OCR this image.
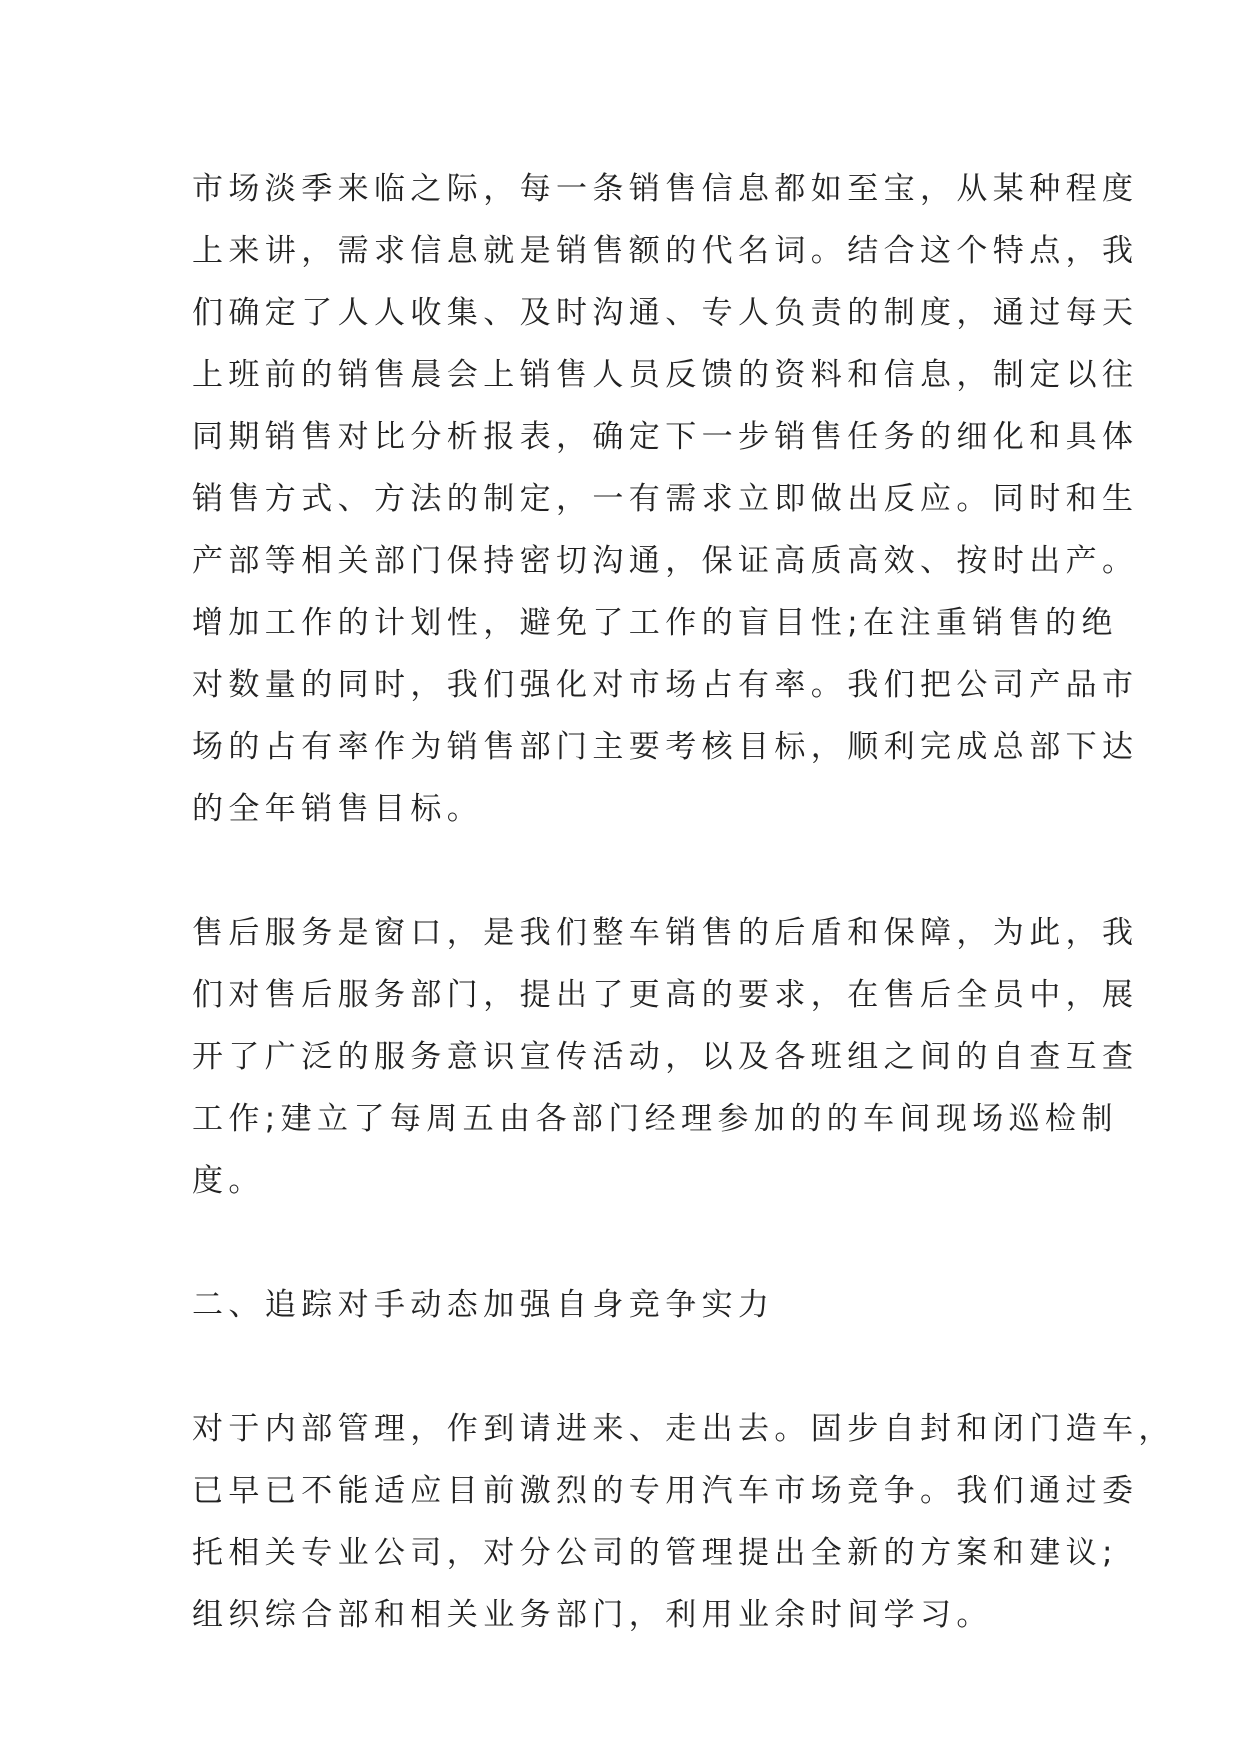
市场淡季来临之际，每一条销售信息都如至宝，从某种程度
上来讲，需求信息就是销售额的代名词。结合这个特点，我
们确定了人人收集、及时沟通、专人负责的制度，通过每天
上班前的销售晨会上销售人员反馈的资料和信息，制定以往
同期销售对比分析报表，确定下一步销售任务的细化和具体
销售方式、方法的制定，一有需求立即做出反应。同时和生
产部等相关部门保持密切沟通，保证高质高效、按时出产。
增加工作的计划性，避免了工作的盲目性;在注重销售的绝
对数量的同时，我们强化对市场占有率。我们把公司产品市
场的占有率作为销售部门主要考核目标，顺利完成总部下达
的全年销售目标。

售后服务是窗口，是我们整车销售的后盾和保障，为此，我
们对售后服务部门，提出了更高的要求，在售后全员中，展
开了广泛的服务意识宣传活动，以及各班组之间的自查互查
工作;建立了每周五由各部门经理参加的的车间现场巡检制
度。

二、追踪对手动态加强自身竞争实力

对于内部管理，作到请进来、走出去。固步自封和闭门造车，
已早已不能适应目前激烈的专用汽车市场竞争。我们通过委
托相关专业公司，对分公司的管理提出全新的方案和建议;
组织综合部和相关业务部门，利用业余时间学习。
